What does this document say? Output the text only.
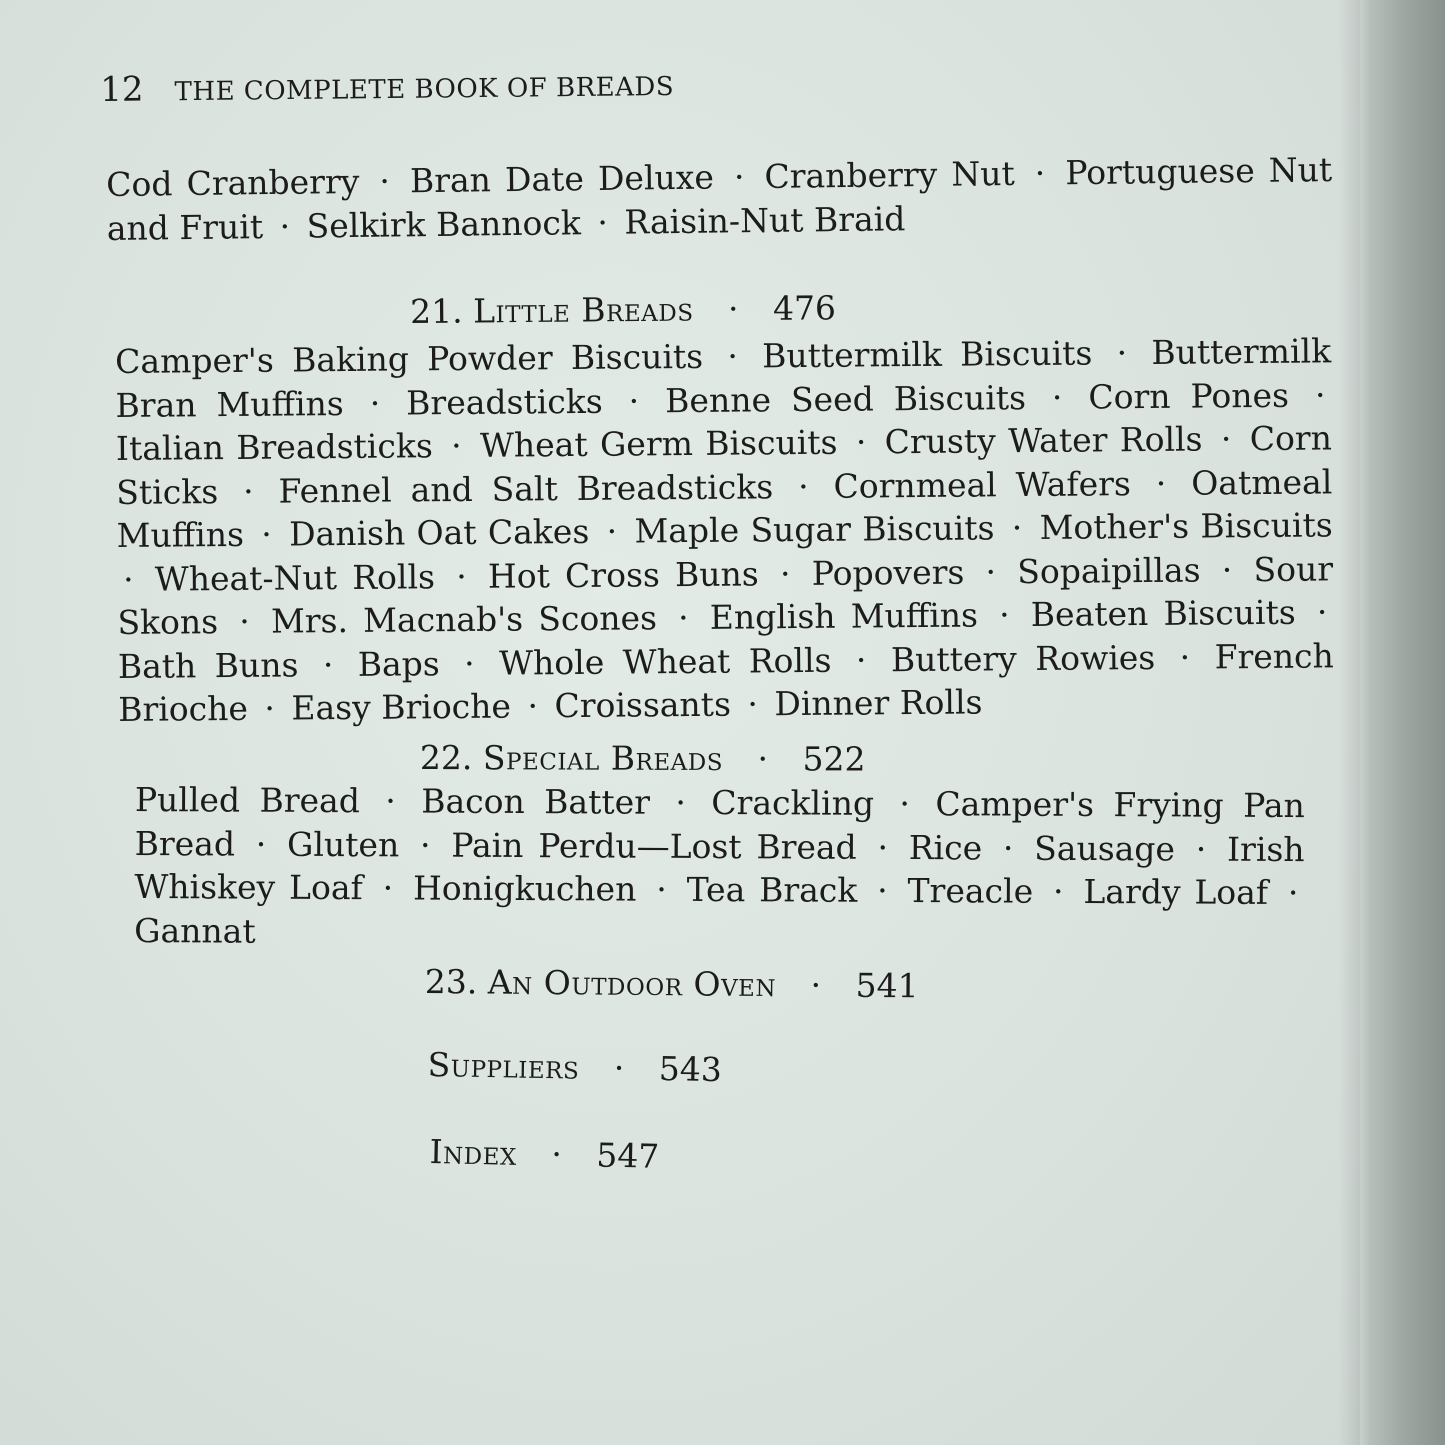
12 THE COMPLETE BOOK OF BREADS
Cod Cranberry · Bran Date Deluxe · Cranberry Nut · Portuguese Nut and Fruit · Selkirk Bannock · Raisin-Nut Braid
21. Little Breads · 476
Camper's Baking Powder Biscuits · Buttermilk Biscuits · Buttermilk Bran Muffins · Breadsticks · Benne Seed Biscuits · Corn Pones · Italian Breadsticks · Wheat Germ Biscuits · Crusty Water Rolls · Corn Sticks · Fennel and Salt Breadsticks · Cornmeal Wafers · Oatmeal Muffins · Danish Oat Cakes · Maple Sugar Biscuits · Mother's Biscuits · Wheat-Nut Rolls · Hot Cross Buns · Popovers · Sopaipillas · Sour Skons · Mrs. Macnab's Scones · English Muffins · Beaten Biscuits · Bath Buns · Baps · Whole Wheat Rolls · Buttery Rowies · French Brioche · Easy Brioche · Croissants · Dinner Rolls
22. Special Breads · 522
Pulled Bread · Bacon Batter · Crackling · Camper's Frying Pan Bread · Gluten · Pain Perdu—Lost Bread · Rice · Sausage · Irish Whiskey Loaf · Honigkuchen · Tea Brack · Treacle · Lardy Loaf · Gannat
23. An Outdoor Oven · 541
Suppliers · 543
Index · 547
